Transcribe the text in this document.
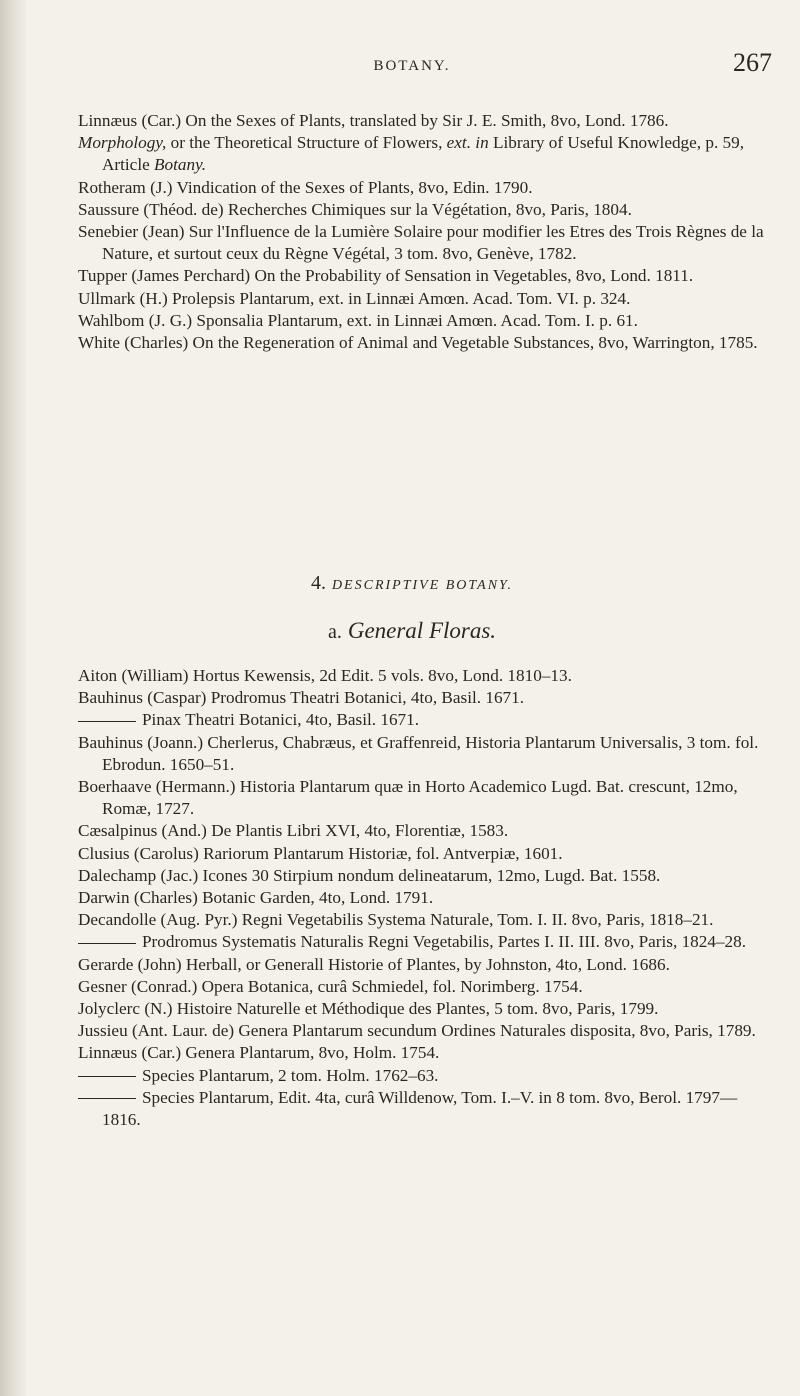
BOTANY.	267

Linnæus (Car.) On the Sexes of Plants, translated by Sir J. E. Smith, 8vo, Lond. 1786.

Morphology, or the Theoretical Structure of Flowers, ext. in Library of Useful Knowledge, p. 59, Article Botany.

Rotheram (J.) Vindication of the Sexes of Plants, 8vo, Edin. 1790.

Saussure (Théod. de) Recherches Chimiques sur la Végétation, 8vo, Paris, 1804.

Senebier (Jean) Sur l'Influence de la Lumière Solaire pour modifier les Etres des Trois Règnes de la Nature, et surtout ceux du Règne Végétal, 3 tom. 8vo, Genève, 1782.

Tupper (James Perchard) On the Probability of Sensation in Vegetables, 8vo, Lond. 1811.

Ullmark (H.) Prolepsis Plantarum, ext. in Linnæi Amœn. Acad. Tom. VI. p. 324.

Wahlbom (J. G.) Sponsalia Plantarum, ext. in Linnæi Amœn. Acad. Tom. I. p. 61.

White (Charles) On the Regeneration of Animal and Vegetable Substances, 8vo, Warrington, 1785.

4. DESCRIPTIVE BOTANY.
a. General Floras.

Aiton (William) Hortus Kewensis, 2d Edit. 5 vols. 8vo, Lond. 1810–13.

Bauhinus (Caspar) Prodromus Theatri Botanici, 4to, Basil. 1671.

Pinax Theatri Botanici, 4to, Basil. 1671.

Bauhinus (Joann.) Cherlerus, Chabræus, et Graffenreid, Historia Plantarum Universalis, 3 tom. fol. Ebrodun. 1650–51.

Boerhaave (Hermann.) Historia Plantarum quæ in Horto Academico Lugd. Bat. crescunt, 12mo, Romæ, 1727.

Cæsalpinus (And.) De Plantis Libri XVI, 4to, Florentiæ, 1583.

Clusius (Carolus) Rariorum Plantarum Historiæ, fol. Antverpiæ, 1601.

Dalechamp (Jac.) Icones 30 Stirpium nondum delineatarum, 12mo, Lugd. Bat. 1558.

Darwin (Charles) Botanic Garden, 4to, Lond. 1791.

Decandolle (Aug. Pyr.) Regni Vegetabilis Systema Naturale, Tom. I. II. 8vo, Paris, 1818–21.

Prodromus Systematis Naturalis Regni Vegetabilis, Partes I. II. III. 8vo, Paris, 1824–28.

Gerarde (John) Herball, or Generall Historie of Plantes, by Johnston, 4to, Lond. 1686.

Gesner (Conrad.) Opera Botanica, curâ Schmiedel, fol. Norimberg. 1754.

Jolyclerc (N.) Histoire Naturelle et Méthodique des Plantes, 5 tom. 8vo, Paris, 1799.

Jussieu (Ant. Laur. de) Genera Plantarum secundum Ordines Naturales disposita, 8vo, Paris, 1789.

Linnæus (Car.) Genera Plantarum, 8vo, Holm. 1754.

Species Plantarum, 2 tom. Holm. 1762–63.

Species Plantarum, Edit. 4ta, curâ Willdenow, Tom. I.–V. in 8 tom. 8vo, Berol. 1797—1816.
